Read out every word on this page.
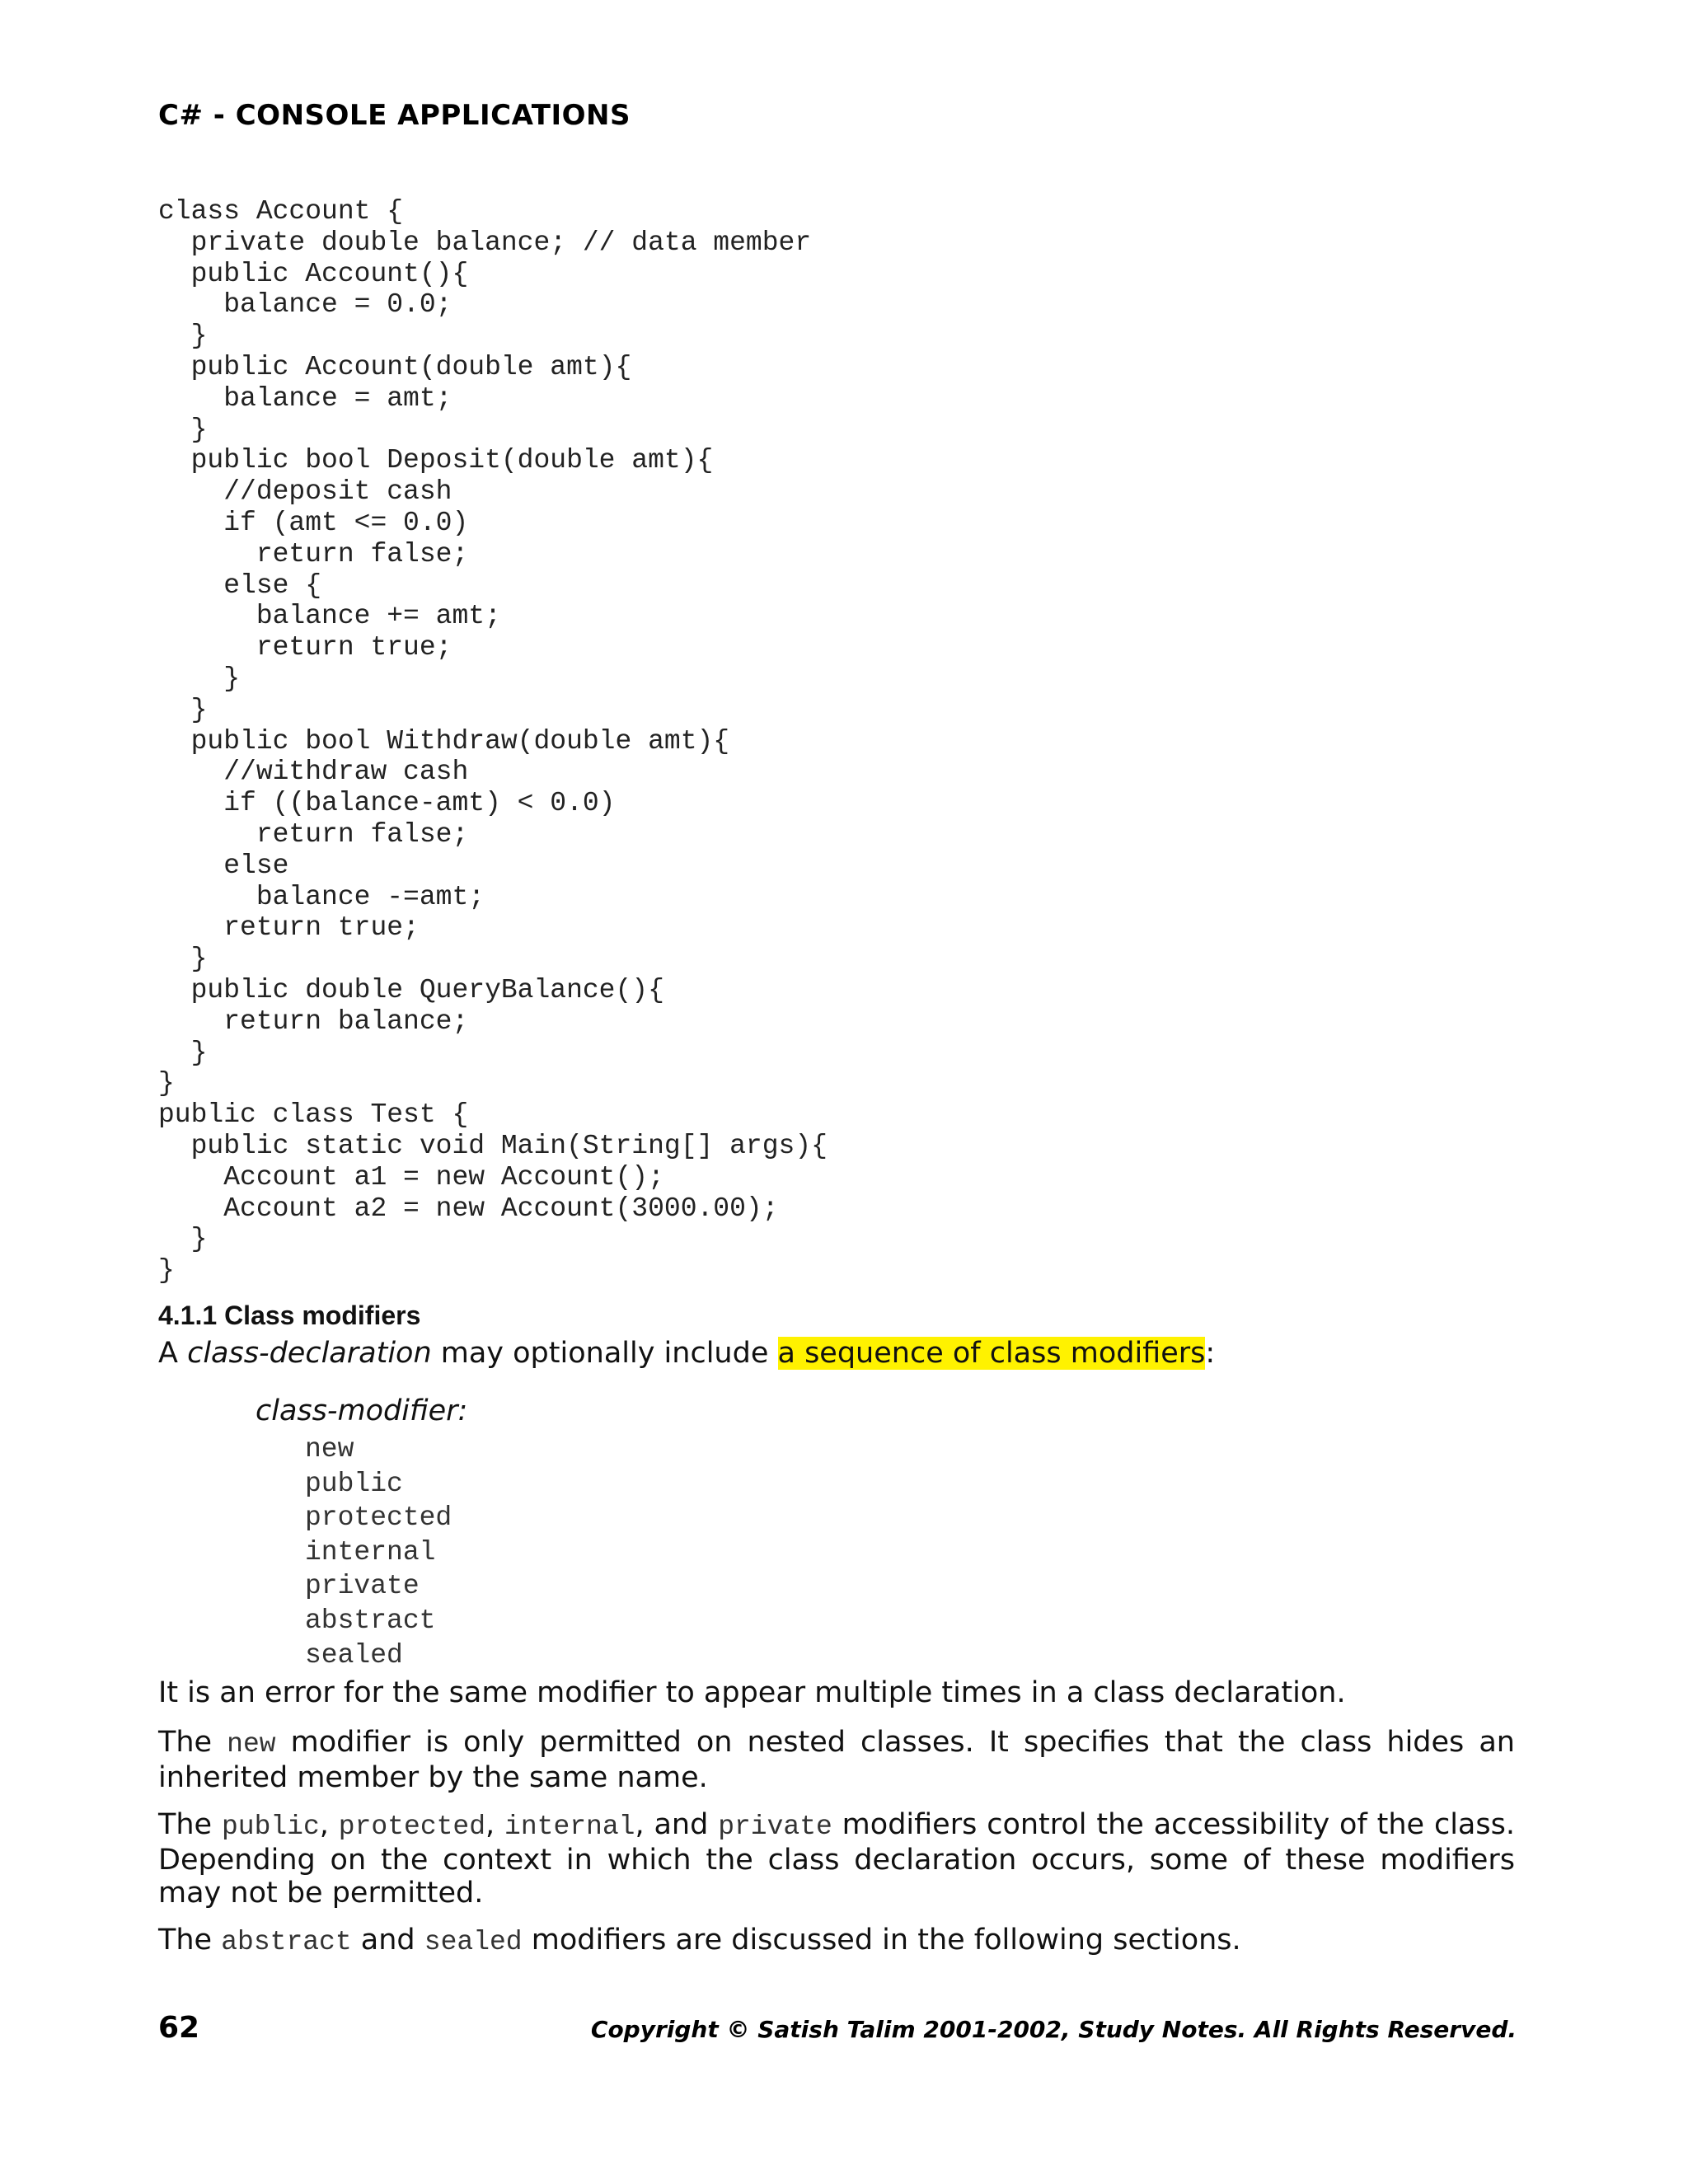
C# - CONSOLE APPLICATIONS
class Account {
private double balance; // data member
public Account(){
balance = 0.0;
}
public Account(double amt){
balance = amt;
}
public bool Deposit(double amt){
//deposit cash
if (amt <= 0.0)
return false;
else {
balance += amt;
return true;
}
}
public bool Withdraw(double amt){
//withdraw cash
if ((balance-amt) < 0.0)
return false;
else
balance -=amt;
return true;
}
public double QueryBalance(){
return balance;
}
}
public class Test {
public static void Main(String[] args){
Account a1 = new Account();
Account a2 = new Account(3000.00);
}
}
4.1.1 Class modifiers

A class-declaration may optionally include a sequence of class modifiers:

class-modifier:

new
public
protected
internal
private
abstract
sealed

It is an error for the same modifier to appear multiple times in a class declaration.

The new modifier is only permitted on nested classes. It specifies that the class hides an inherited member by the same name.

The public, protected, internal, and private modifiers control the accessibility of the class. Depending on the context in which the class declaration occurs, some of these modifiers may not be permitted.

The abstract and sealed modifiers are discussed in the following sections.

62	Copyright © Satish Talim 2001-2002, Study Notes. All Rights Reserved.
